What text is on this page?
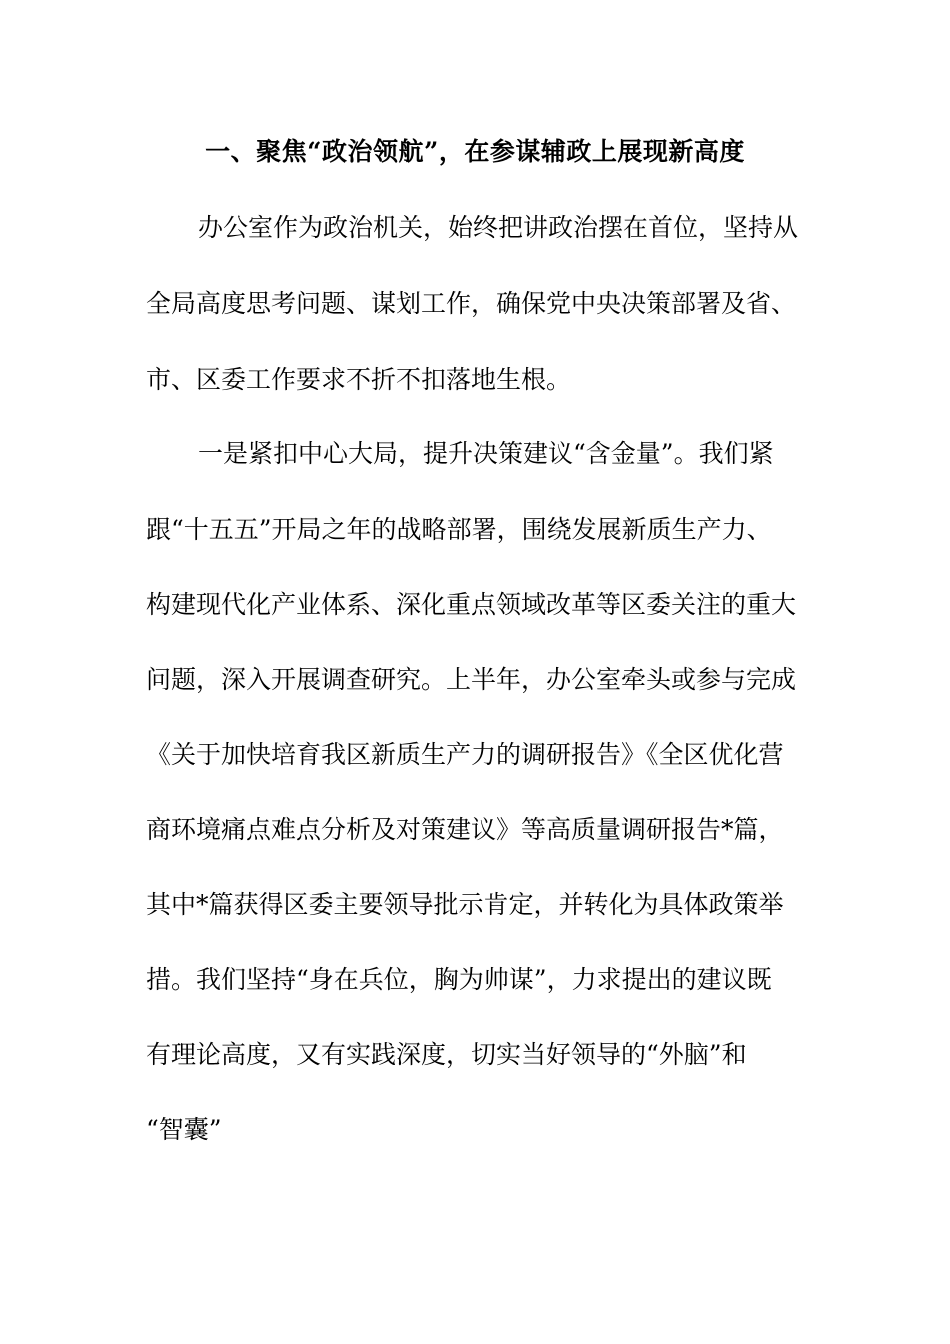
一、聚焦“政治领航”，在参谋辅政上展现新高度
办公室作为政治机关，始终把讲政治摆在首位，坚持从
全局高度思考问题、谋划工作，确保党中央决策部署及省、
市、区委工作要求不折不扣落地生根。
一是紧扣中心大局，提升决策建议“含金量”。我们紧
跟“十五五”开局之年的战略部署，围绕发展新质生产力、
构建现代化产业体系、深化重点领域改革等区委关注的重大
问题，深入开展调查研究。上半年，办公室牵头或参与完成
《关于加快培育我区新质生产力的调研报告》《全区优化营
商环境痛点难点分析及对策建议》等高质量调研报告*篇，
其中*篇获得区委主要领导批示肯定，并转化为具体政策举
措。我们坚持“身在兵位，胸为帅谋”，力求提出的建议既
有理论高度，又有实践深度，切实当好领导的“外脑”和
“智囊”
